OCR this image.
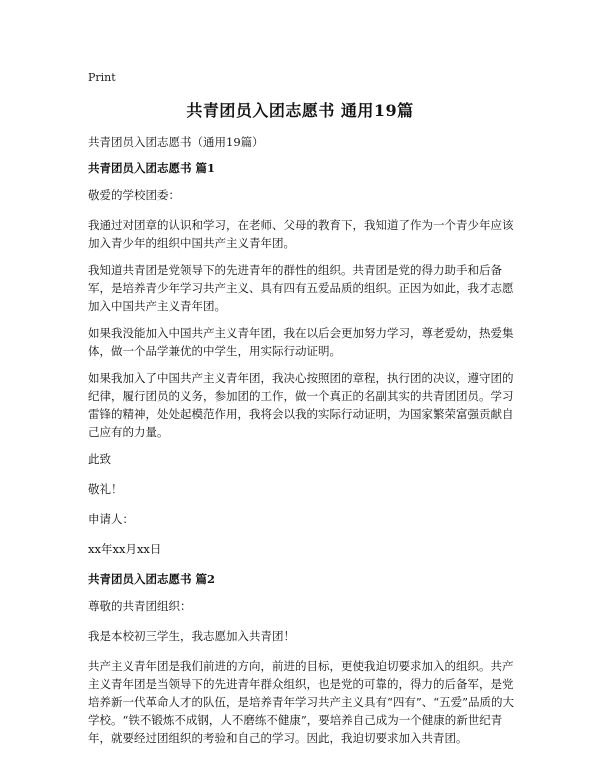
Print
共青团员入团志愿书 通用19篇

共青团员入团志愿书（通用19篇）

共青团员入团志愿书 篇1

敬爱的学校团委：

我通过对团章的认识和学习，在老师、父母的教育下，我知道了作为一个青少年应该加入青少年的组织中国共产主义青年团。

我知道共青团是党领导下的先进青年的群性的组织。共青团是党的得力助手和后备军，是培养青少年学习共产主义、具有四有五爱品质的组织。正因为如此，我才志愿加入中国共产主义青年团。

如果我没能加入中国共产主义青年团，我在以后会更加努力学习，尊老爱幼，热爱集体，做一个品学兼优的中学生，用实际行动证明。

如果我加入了中国共产主义青年团，我决心按照团的章程，执行团的决议，遵守团的纪律，履行团员的义务，参加团的工作，做一个真正的名副其实的共青团团员。学习雷锋的精神，处处起模范作用，我将会以我的实际行动证明，为国家繁荣富强贡献自己应有的力量。

此致

敬礼！

申请人：

xx年xx月xx日

共青团员入团志愿书 篇2

尊敬的共青团组织：

我是本校初三学生，我志愿加入共青团！

共产主义青年团是我们前进的方向，前进的目标，更使我迫切要求加入的组织。共产主义青年团是当领导下的先进青年群众组织，也是党的可靠的，得力的后备军，是党培养新一代革命人才的队伍，是培养青年学习共产主义具有“四有”、“五爱”品质的大学校。“铁不锻炼不成钢，人不磨练不健康”，要培养自己成为一个健康的新世纪青年，就要经过团组织的考验和自己的学习。因此，我迫切要求加入共青团。
